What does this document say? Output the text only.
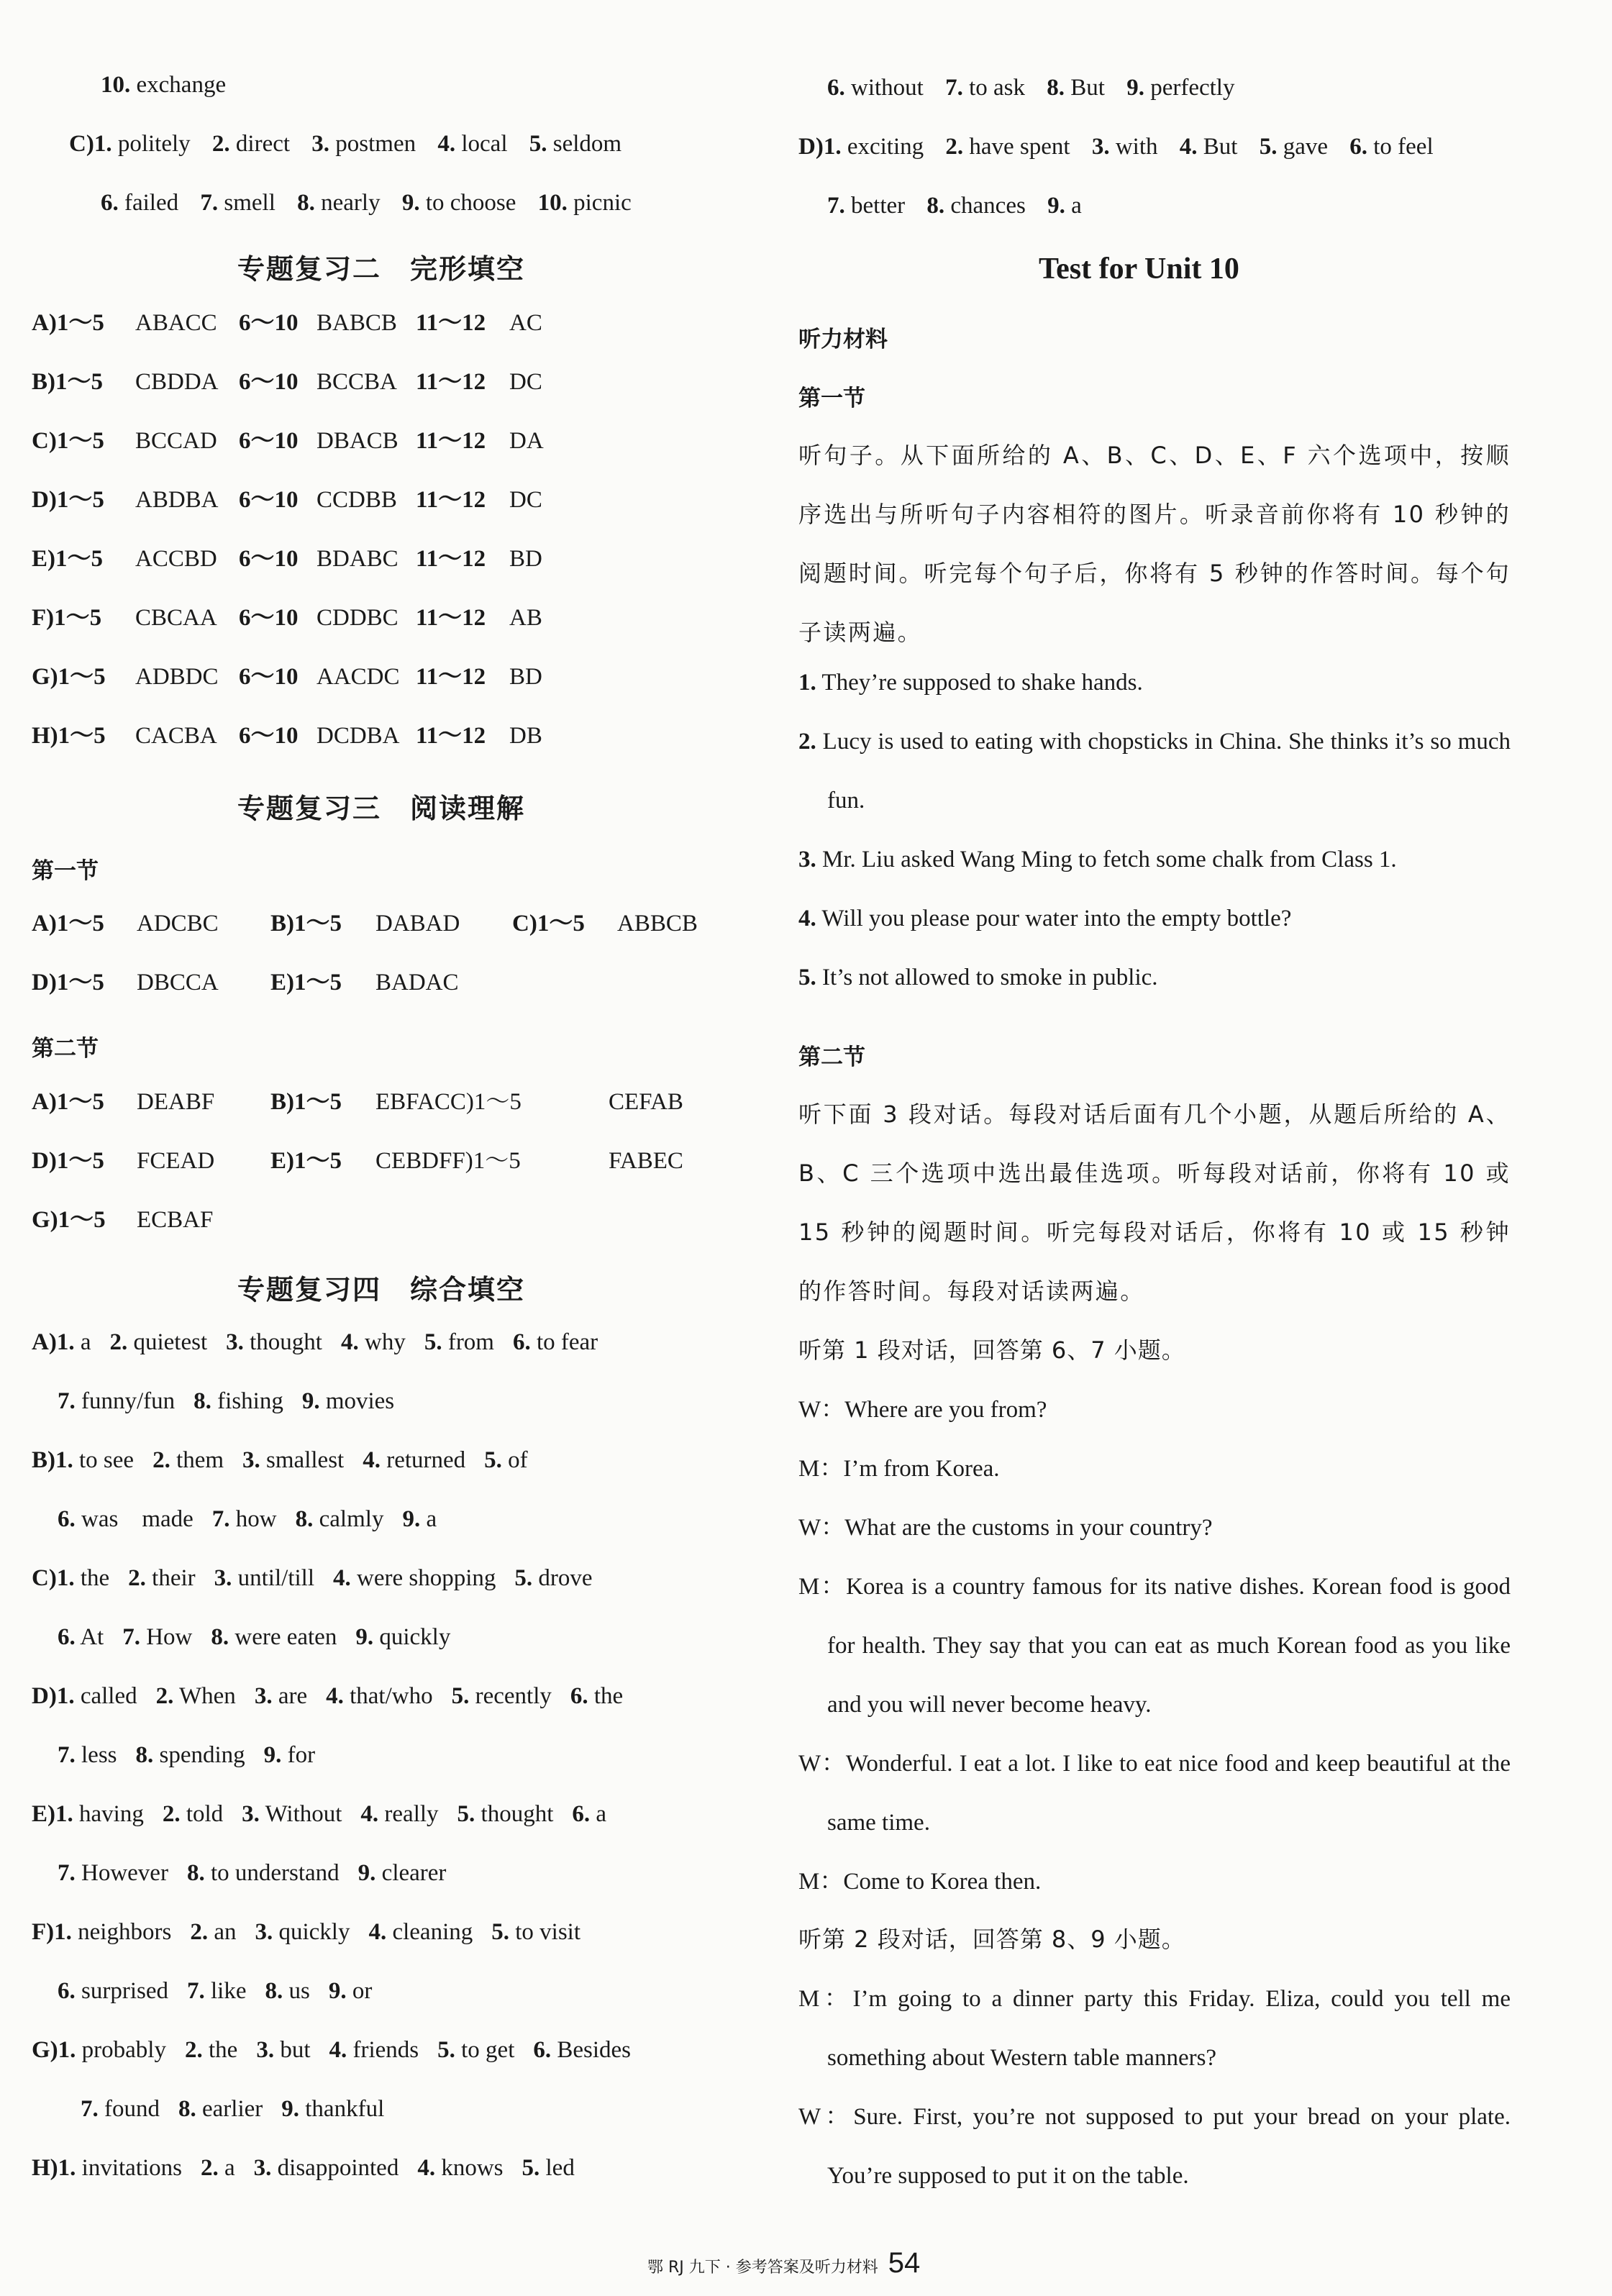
10. exchange
C)1. politely 2. direct 3. postmen 4. local 5. seldom
6. failed 7. smell 8. nearly 9. to choose 10. picnic
专题复习二　完形填空
A)1～5 ABACC 6～10 BABCB 11～12 AC
B)1～5 CBDDA 6～10 BCCBA 11～12 DC
C)1～5 BCCAD 6～10 DBACB 11～12 DA
D)1～5 ABDBA 6～10 CCDBB 11～12 DC
E)1～5 ACCBD 6～10 BDABC 11～12 BD
F)1～5 CBCAA 6～10 CDDBC 11～12 AB
G)1～5 ADBDC 6～10 AACDC 11～12 BD
H)1～5 CACBA 6～10 DCDBA 11～12 DB
专题复习三　阅读理解
第一节
A)1～5 ADCBC B)1～5 DABAD C)1～5 ABBCB
D)1～5 DBCCA E)1～5 BADAC
第二节
A)1～5 DEABF B)1～5 EBFACC)1～5	CEFAB
D)1～5 FCEAD E)1～5 CEBDFF)1～5	FABEC
G)1～5 ECBAF
专题复习四　综合填空
A)1. a 2. quietest 3. thought 4. why 5. from 6. to fear
7. funny/fun 8. fishing 9. movies
B)1. to see 2. them 3. smallest 4. returned 5. of
6. was　made 7. how 8. calmly 9. a
C)1. the 2. their 3. until/till 4. were shopping 5. drove
6. At 7. How 8. were eaten 9. quickly
D)1. called 2. When 3. are 4. that/who 5. recently 6. the
7. less 8. spending 9. for
E)1. having 2. told 3. Without 4. really 5. thought 6. a
7. However 8. to understand 9. clearer
F)1. neighbors 2. an 3. quickly 4. cleaning 5. to visit
6. surprised 7. like 8. us 9. or
G)1. probably 2. the 3. but 4. friends 5. to get 6. Besides
7. found 8. earlier 9. thankful
H)1. invitations 2. a 3. disappointed 4. knows 5. led
6. without 7. to ask 8. But 9. perfectly
D)1. exciting 2. have spent 3. with 4. But 5. gave 6. to feel
7. better 8. chances 9. a
Test for Unit 10
听力材料
第一节
听句子。从下面所给的 A、B、C、D、E、F 六个选项中，按顺序选出与所听句子内容相符的图片。听录音前你将有 10 秒钟的阅题时间。听完每个句子后，你将有 5 秒钟的作答时间。每个句子读两遍。
1. They’re supposed to shake hands.
2. Lucy is used to eating with chopsticks in China. She thinks it’s so much fun.
3. Mr. Liu asked Wang Ming to fetch some chalk from Class 1.
4. Will you please pour water into the empty bottle?
5. It’s not allowed to smoke in public.
第二节
听下面 3 段对话。每段对话后面有几个小题，从题后所给的 A、B、C 三个选项中选出最佳选项。听每段对话前，你将有 10 或 15 秒钟的阅题时间。听完每段对话后，你将有 10 或 15 秒钟的作答时间。每段对话读两遍。
听第 1 段对话，回答第 6、7 小题。
W：Where are you from?
M：I’m from Korea.
W：What are the customs in your country?
M：Korea is a country famous for its native dishes. Korean food is good for health. They say that you can eat as much Korean food as you like and you will never become heavy.
W：Wonderful. I eat a lot. I like to eat nice food and keep beautiful at the same time.
M：Come to Korea then.
听第 2 段对话，回答第 8、9 小题。
M：I’m going to a dinner party this Friday. Eliza, could you tell me something about Western table manners?
W：Sure. First, you’re not supposed to put your bread on your plate. You’re supposed to put it on the table.
鄂 RJ 九下 · 参考答案及听力材料 54
